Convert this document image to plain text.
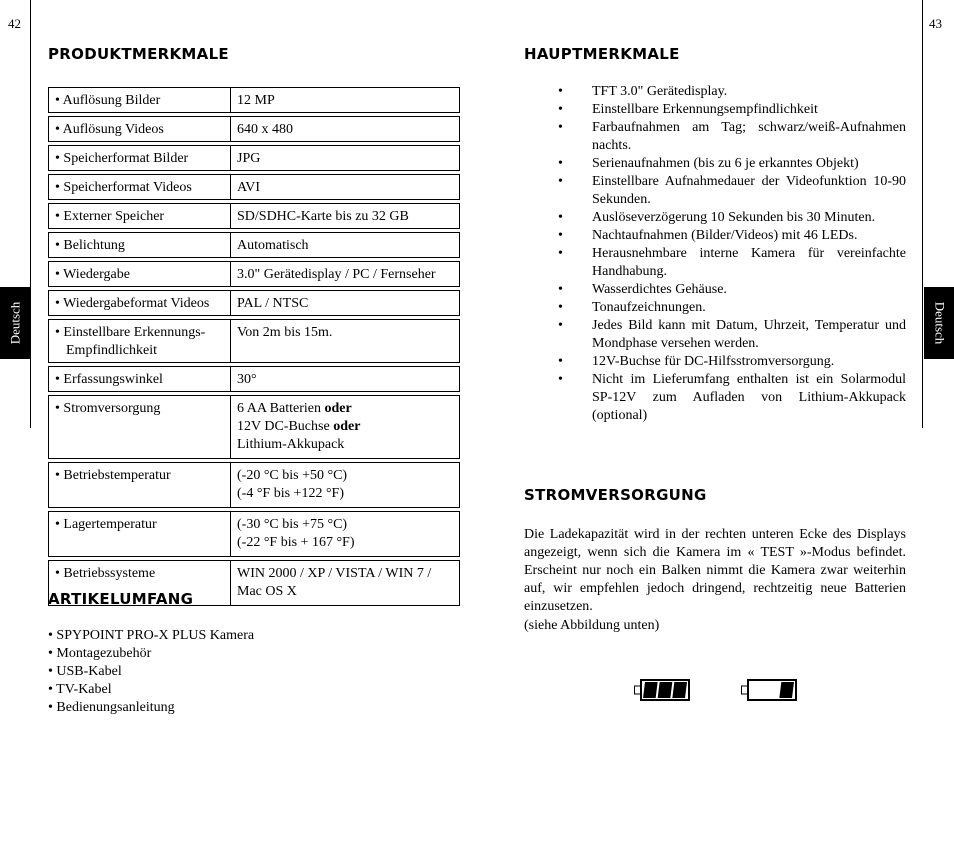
42	43
Deutsch	Deutsch
PRODUKTMERKMALE
• Auflösung Bilder	12 MP

• Auflösung Videos	640 x 480

• Speicherformat Bilder	JPG

• Speicherformat Videos	AVI

• Externer Speicher	SD/SDHC-Karte bis zu 32 GB

• Belichtung	Automatisch

• Wiedergabe	3.0" Gerätedisplay / PC / Fernseher

• Wiedergabeformat Videos	PAL / NTSC

• Einstellbare Erkennungs-Empfindlichkeit	Von 2m bis 15m.

• Erfassungswinkel	30°

• Stromversorgung	6 AA Batterien oder
12V DC-Buchse oder
Lithium-Akkupack

• Betriebstemperatur	(-20 °C bis +50 °C)
(-4 °F bis +122 °F)

• Lagertemperatur	(-30 °C bis +75 °C)
(-22 °F bis + 167 °F)

• Betriebssysteme	WIN 2000 / XP / VISTA / WIN 7 / Mac OS X
ARTIKELUMFANG
• SPYPOINT PRO-X PLUS Kamera
• Montagezubehör
• USB-Kabel
• TV-Kabel
• Bedienungsanleitung
HAUPTMERKMALE
• TFT 3.0" Gerätedisplay.
• Einstellbare Erkennungsempfindlichkeit
• Farbaufnahmen am Tag; schwarz/weiß-Aufnahmen nachts.
• Serienaufnahmen (bis zu 6 je erkanntes Objekt)
• Einstellbare Aufnahmedauer der Videofunktion 10-90 Sekunden.
• Auslöseverzögerung 10 Sekunden bis 30 Minuten.
• Nachtaufnahmen (Bilder/Videos) mit 46 LEDs.
• Herausnehmbare interne Kamera für vereinfachte Handhabung.
• Wasserdichtes Gehäuse.
• Tonaufzeichnungen.
• Jedes Bild kann mit Datum, Uhrzeit, Temperatur und Mondphase versehen werden.
• 12V-Buchse für DC-Hilfsstromversorgung.
• Nicht im Lieferumfang enthalten ist ein Solarmodul SP-12V zum Aufladen von Lithium-Akkupack (optional)
STROMVERSORGUNG

Die Ladekapazität wird in der rechten unteren Ecke des Displays angezeigt, wenn sich die Kamera im « TEST »-Modus befindet. Erscheint nur noch ein Balken nimmt die Kamera zwar weiterhin auf, wir empfehlen jedoch dringend, rechtzeitig neue Batterien einzusetzen.

(siehe Abbildung unten)
